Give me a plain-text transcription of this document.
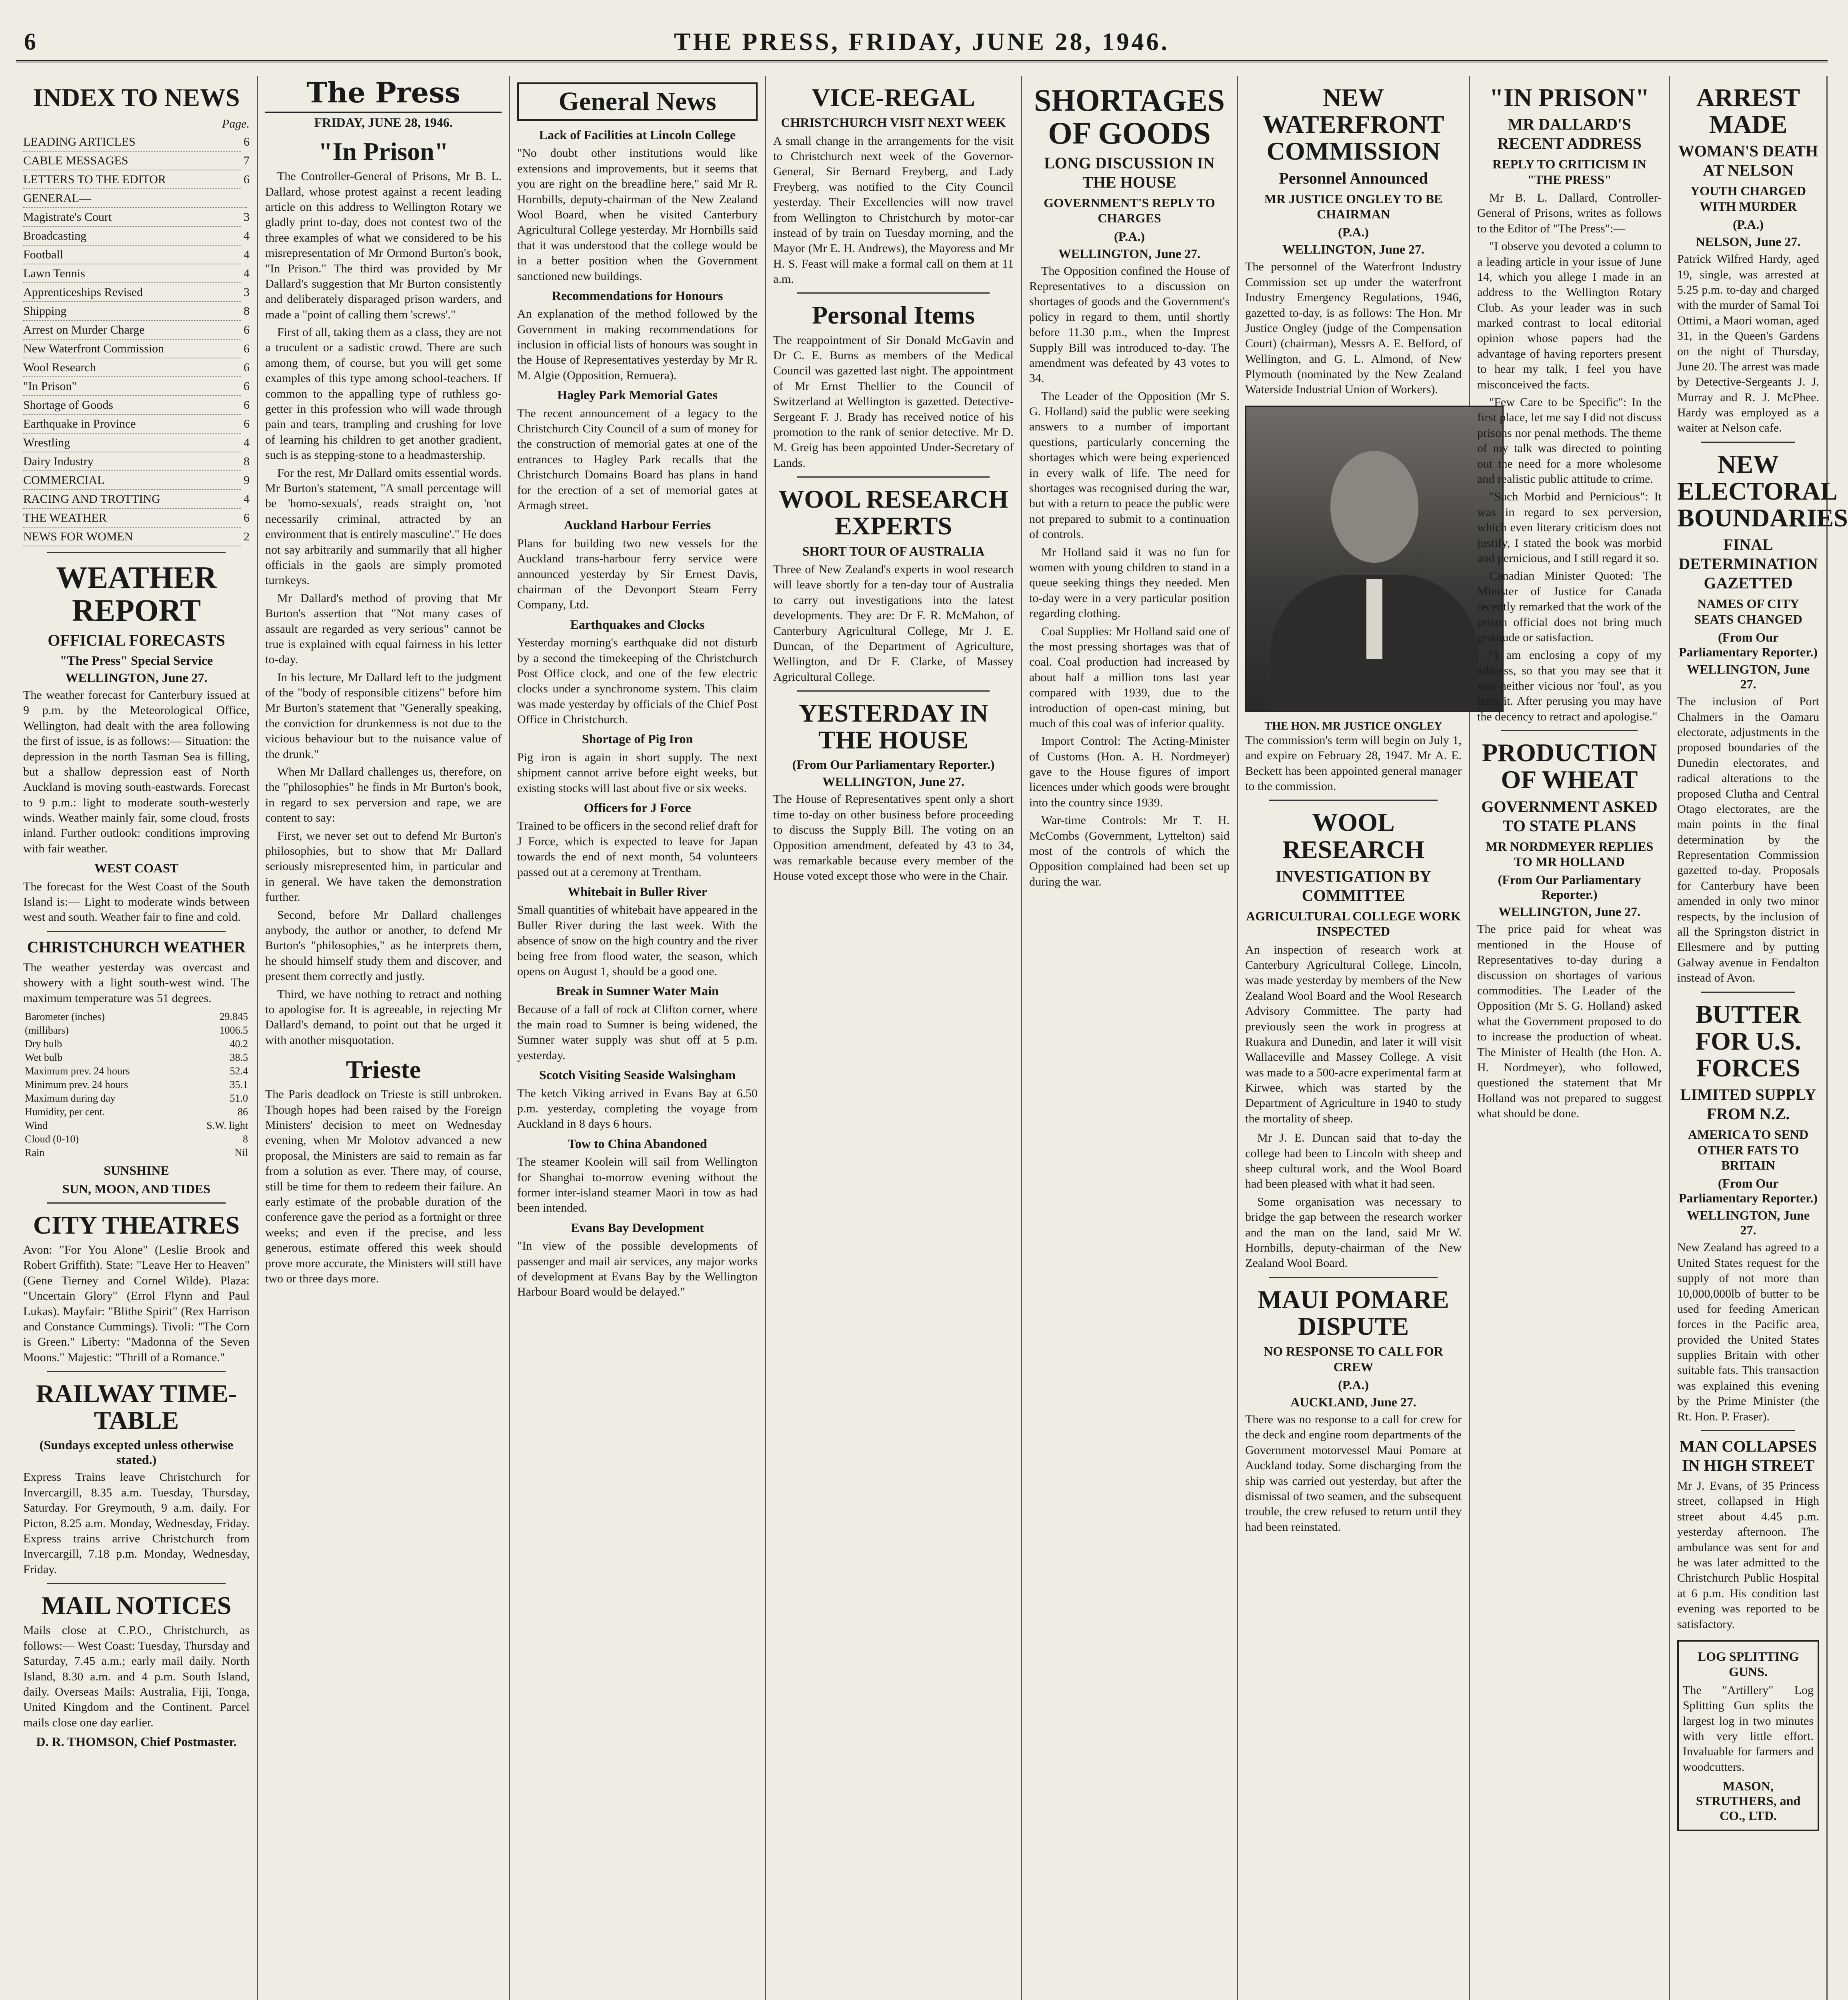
6	THE PRESS, FRIDAY, JUNE 28, 1946.
INDEX TO NEWS
Page.
LEADING ARTICLES	6
CABLE MESSAGES	7
LETTERS TO THE EDITOR	6
GENERAL—
Magistrate's Court	3
Broadcasting	4
Football	4
Lawn Tennis	4
Apprenticeships Revised	3
Shipping	8
Arrest on Murder Charge	6
New Waterfront Commission	6
Wool Research	6
"In Prison"	6
Shortage of Goods	6
Earthquake in Province	6
Wrestling	4
Dairy Industry	8
COMMERCIAL	9
RACING AND TROTTING	4
THE WEATHER	6
NEWS FOR WOMEN	2
WEATHER REPORT
OFFICIAL FORECASTS
"The Press" Special Service
WELLINGTON, June 27.
The weather forecast for Canterbury issued at 9 p.m. by the Meteorological Office, Wellington, had dealt with the area following the first of issue, is as follows:— Situation: the depression in the north Tasman Sea is filling, but a shallow depression east of North Auckland is moving south-eastwards. Forecast to 9 p.m.: light to moderate south-westerly winds. Weather mainly fair, some cloud, frosts inland. Further outlook: conditions improving with fair weather.
WEST COAST
The forecast for the West Coast of the South Island is:— Light to moderate winds between west and south. Weather fair to fine and cold.
CHRISTCHURCH WEATHER
The weather yesterday was overcast and showery with a light south-west wind. The maximum temperature was 51 degrees.
Barometer (inches)	29.845
(millibars)	1006.5
Dry bulb	40.2
Wet bulb	38.5
Maximum prev. 24 hours	52.4
Minimum prev. 24 hours	35.1
Maximum during day	51.0
Humidity, per cent.	86
Wind	S.W. light
Cloud (0-10)	8
Rain	Nil
SUNSHINE
SUN, MOON, AND TIDES
CITY THEATRES
Avon: "For You Alone" (Leslie Brook and Robert Griffith). State: "Leave Her to Heaven" (Gene Tierney and Cornel Wilde). Plaza: "Uncertain Glory" (Errol Flynn and Paul Lukas). Mayfair: "Blithe Spirit" (Rex Harrison and Constance Cummings). Tivoli: "The Corn is Green." Liberty: "Madonna of the Seven Moons." Majestic: "Thrill of a Romance."
RAILWAY TIME-TABLE
(Sundays excepted unless otherwise stated.)
Express Trains leave Christchurch for Invercargill, 8.35 a.m. Tuesday, Thursday, Saturday. For Greymouth, 9 a.m. daily. For Picton, 8.25 a.m. Monday, Wednesday, Friday. Express trains arrive Christchurch from Invercargill, 7.18 p.m. Monday, Wednesday, Friday.
MAIL NOTICES
Mails close at C.P.O., Christchurch, as follows:— West Coast: Tuesday, Thursday and Saturday, 7.45 a.m.; early mail daily. North Island, 8.30 a.m. and 4 p.m. South Island, daily. Overseas Mails: Australia, Fiji, Tonga, United Kingdom and the Continent. Parcel mails close one day earlier.
D. R. THOMSON, Chief Postmaster.
The Press
FRIDAY, JUNE 28, 1946.
"In Prison"

The Controller-General of Prisons, Mr B. L. Dallard, whose protest against a recent leading article on this address to Wellington Rotary we gladly print to-day, does not contest two of the three examples of what we considered to be his misrepresentation of Mr Ormond Burton's book, "In Prison." The third was provided by Mr Dallard's suggestion that Mr Burton consistently and deliberately disparaged prison warders, and made a "point of calling them 'screws'."

First of all, taking them as a class, they are not a truculent or a sadistic crowd. There are such among them, of course, but you will get some examples of this type among school-teachers. If common to the appalling type of ruthless go-getter in this profession who will wade through pain and tears, trampling and crushing for love of learning his children to get another gradient, such is as stepping-stone to a headmastership.

For the rest, Mr Dallard omits essential words. Mr Burton's statement, "A small percentage will be 'homo-sexuals', reads straight on, 'not necessarily criminal, attracted by an environment that is entirely masculine'." He does not say arbitrarily and summarily that all higher officials in the gaols are simply promoted turnkeys.

Mr Dallard's method of proving that Mr Burton's assertion that "Not many cases of assault are regarded as very serious" cannot be true is explained with equal fairness in his letter to-day.

In his lecture, Mr Dallard left to the judgment of the "body of responsible citizens" before him Mr Burton's statement that "Generally speaking, the conviction for drunkenness is not due to the vicious behaviour but to the nuisance value of the drunk."

When Mr Dallard challenges us, therefore, on the "philosophies" he finds in Mr Burton's book, in regard to sex perversion and rape, we are content to say:

First, we never set out to defend Mr Burton's philosophies, but to show that Mr Dallard seriously misrepresented him, in particular and in general. We have taken the demonstration further.

Second, before Mr Dallard challenges anybody, the author or another, to defend Mr Burton's "philosophies," as he interprets them, he should himself study them and discover, and present them correctly and justly.

Third, we have nothing to retract and nothing to apologise for. It is agreeable, in rejecting Mr Dallard's demand, to point out that he urged it with another misquotation.

Trieste
The Paris deadlock on Trieste is still unbroken. Though hopes had been raised by the Foreign Ministers' decision to meet on Wednesday evening, when Mr Molotov advanced a new proposal, the Ministers are said to remain as far from a solution as ever. There may, of course, still be time for them to redeem their failure. An early estimate of the probable duration of the conference gave the period as a fortnight or three weeks; and even if the precise, and less generous, estimate offered this week should prove more accurate, the Ministers will still have two or three days more.
General News
Lack of Facilities at Lincoln College
"No doubt other institutions would like extensions and improvements, but it seems that you are right on the breadline here," said Mr R. Hornbills, deputy-chairman of the New Zealand Wool Board, when he visited Canterbury Agricultural College yesterday. Mr Hornbills said that it was understood that the college would be in a better position when the Government sanctioned new buildings.
Recommendations for Honours
An explanation of the method followed by the Government in making recommendations for inclusion in official lists of honours was sought in the House of Representatives yesterday by Mr R. M. Algie (Opposition, Remuera).
Hagley Park Memorial Gates
The recent announcement of a legacy to the Christchurch City Council of a sum of money for the construction of memorial gates at one of the entrances to Hagley Park recalls that the Christchurch Domains Board has plans in hand for the erection of a set of memorial gates at Armagh street.
Auckland Harbour Ferries
Plans for building two new vessels for the Auckland trans-harbour ferry service were announced yesterday by Sir Ernest Davis, chairman of the Devonport Steam Ferry Company, Ltd.
Earthquakes and Clocks
Yesterday morning's earthquake did not disturb by a second the timekeeping of the Christchurch Post Office clock, and one of the few electric clocks under a synchronome system. This claim was made yesterday by officials of the Chief Post Office in Christchurch.
Shortage of Pig Iron
Pig iron is again in short supply. The next shipment cannot arrive before eight weeks, but existing stocks will last about five or six weeks.
Officers for J Force
Trained to be officers in the second relief draft for J Force, which is expected to leave for Japan towards the end of next month, 54 volunteers passed out at a ceremony at Trentham.
Whitebait in Buller River
Small quantities of whitebait have appeared in the Buller River during the last week. With the absence of snow on the high country and the river being free from flood water, the season, which opens on August 1, should be a good one.
Break in Sumner Water Main
Because of a fall of rock at Clifton corner, where the main road to Sumner is being widened, the Sumner water supply was shut off at 5 p.m. yesterday.
Scotch Visiting Seaside Walsingham
The ketch Viking arrived in Evans Bay at 6.50 p.m. yesterday, completing the voyage from Auckland in 8 days 6 hours.
Tow to China Abandoned
The steamer Koolein will sail from Wellington for Shanghai to-morrow evening without the former inter-island steamer Maori in tow as had been intended.
Evans Bay Development
"In view of the possible developments of passenger and mail air services, any major works of development at Evans Bay by the Wellington Harbour Board would be delayed."
VICE-REGAL
CHRISTCHURCH VISIT NEXT WEEK
A small change in the arrangements for the visit to Christchurch next week of the Governor-General, Sir Bernard Freyberg, and Lady Freyberg, was notified to the City Council yesterday. Their Excellencies will now travel from Wellington to Christchurch by motor-car instead of by train on Tuesday morning, and the Mayor (Mr E. H. Andrews), the Mayoress and Mr H. S. Feast will make a formal call on them at 11 a.m.
Personal Items
The reappointment of Sir Donald McGavin and Dr C. E. Burns as members of the Medical Council was gazetted last night. The appointment of Mr Ernst Thellier to the Council of Switzerland at Wellington is gazetted. Detective-Sergeant F. J. Brady has received notice of his promotion to the rank of senior detective. Mr D. M. Greig has been appointed Under-Secretary of Lands.
WOOL RESEARCH EXPERTS
SHORT TOUR OF AUSTRALIA
Three of New Zealand's experts in wool research will leave shortly for a ten-day tour of Australia to carry out investigations into the latest developments. They are: Dr F. R. McMahon, of Canterbury Agricultural College, Mr J. E. Duncan, of the Department of Agriculture, Wellington, and Dr F. Clarke, of Massey Agricultural College.
YESTERDAY IN THE HOUSE
(From Our Parliamentary Reporter.)
WELLINGTON, June 27.
The House of Representatives spent only a short time to-day on other business before proceeding to discuss the Supply Bill. The voting on an Opposition amendment, defeated by 43 to 34, was remarkable because every member of the House voted except those who were in the Chair.
SHORTAGES OF GOODS
LONG DISCUSSION IN THE HOUSE
GOVERNMENT'S REPLY TO CHARGES
(P.A.)
WELLINGTON, June 27.

The Opposition confined the House of Representatives to a discussion on shortages of goods and the Government's policy in regard to them, until shortly before 11.30 p.m., when the Imprest Supply Bill was introduced to-day. The amendment was defeated by 43 votes to 34.

The Leader of the Opposition (Mr S. G. Holland) said the public were seeking answers to a number of important questions, particularly concerning the shortages which were being experienced in every walk of life. The need for shortages was recognised during the war, but with a return to peace the public were not prepared to submit to a continuation of controls.

Mr Holland said it was no fun for women with young children to stand in a queue seeking things they needed. Men to-day were in a very particular position regarding clothing.

Coal Supplies: Mr Holland said one of the most pressing shortages was that of coal. Coal production had increased by about half a million tons last year compared with 1939, due to the introduction of open-cast mining, but much of this coal was of inferior quality.

Import Control: The Acting-Minister of Customs (Hon. A. H. Nordmeyer) gave to the House figures of import licences under which goods were brought into the country since 1939.

War-time Controls: Mr T. H. McCombs (Government, Lyttelton) said most of the controls of which the Opposition complained had been set up during the war.

NEW WATERFRONT COMMISSION
Personnel Announced
MR JUSTICE ONGLEY TO BE CHAIRMAN
(P.A.)
WELLINGTON, June 27.
The personnel of the Waterfront Industry Commission set up under the waterfront Industry Emergency Regulations, 1946, gazetted to-day, is as follows: The Hon. Mr Justice Ongley (judge of the Compensation Court) (chairman), Messrs A. E. Belford, of Wellington, and G. L. Almond, of New Plymouth (nominated by the New Zealand Waterside Industrial Union of Workers).
THE HON. MR JUSTICE ONGLEY
The commission's term will begin on July 1, and expire on February 28, 1947. Mr A. E. Beckett has been appointed general manager to the commission.
WOOL RESEARCH
INVESTIGATION BY COMMITTEE
AGRICULTURAL COLLEGE WORK INSPECTED
An inspection of research work at Canterbury Agricultural College, Lincoln, was made yesterday by members of the New Zealand Wool Board and the Wool Research Advisory Committee. The party had previously seen the work in progress at Ruakura and Dunedin, and later it will visit Wallaceville and Massey College. A visit was made to a 500-acre experimental farm at Kirwee, which was started by the Department of Agriculture in 1940 to study the mortality of sheep.

Mr J. E. Duncan said that to-day the college had been to Lincoln with sheep and sheep cultural work, and the Wool Board had been pleased with what it had seen.

Some organisation was necessary to bridge the gap between the research worker and the man on the land, said Mr W. Hornbills, deputy-chairman of the New Zealand Wool Board.

MAUI POMARE DISPUTE
NO RESPONSE TO CALL FOR CREW
(P.A.)
AUCKLAND, June 27.
There was no response to a call for crew for the deck and engine room departments of the Government motorvessel Maui Pomare at Auckland today. Some discharging from the ship was carried out yesterday, but after the dismissal of two seamen, and the subsequent trouble, the crew refused to return until they had been reinstated.
"IN PRISON"
MR DALLARD'S RECENT ADDRESS
REPLY TO CRITICISM IN "THE PRESS"

Mr B. L. Dallard, Controller-General of Prisons, writes as follows to the Editor of "The Press":—

"I observe you devoted a column to a leading article in your issue of June 14, which you allege I made in an address to the Wellington Rotary Club. As your leader was in such marked contrast to local editorial opinion whose papers had the advantage of having reporters present to hear my talk, I feel you have misconceived the facts.

"Few Care to be Specific": In the first place, let me say I did not discuss prisons nor penal methods. The theme of my talk was directed to pointing out the need for a more wholesome and realistic public attitude to crime.

"Such Morbid and Pernicious": It was in regard to sex perversion, which even literary criticism does not justify, I stated the book was morbid and pernicious, and I still regard it so.

Canadian Minister Quoted: The Minister of Justice for Canada recently remarked that the work of the prison official does not bring much gratitude or satisfaction.

"I am enclosing a copy of my address, so that you may see that it was neither vicious nor 'foul', as you term it. After perusing you may have the decency to retract and apologise."

PRODUCTION OF WHEAT
GOVERNMENT ASKED TO STATE PLANS
MR NORDMEYER REPLIES TO MR HOLLAND
(From Our Parliamentary Reporter.)
WELLINGTON, June 27.
The price paid for wheat was mentioned in the House of Representatives to-day during a discussion on shortages of various commodities. The Leader of the Opposition (Mr S. G. Holland) asked what the Government proposed to do to increase the production of wheat. The Minister of Health (the Hon. A. H. Nordmeyer), who followed, questioned the statement that Mr Holland was not prepared to suggest what should be done.
ARREST MADE
WOMAN'S DEATH AT NELSON
YOUTH CHARGED WITH MURDER
(P.A.)
NELSON, June 27.
Patrick Wilfred Hardy, aged 19, single, was arrested at 5.25 p.m. to-day and charged with the murder of Samal Toi Ottimi, a Maori woman, aged 31, in the Queen's Gardens on the night of Thursday, June 20. The arrest was made by Detective-Sergeants J. J. Murray and R. J. McPhee. Hardy was employed as a waiter at Nelson cafe.
NEW ELECTORAL BOUNDARIES
FINAL DETERMINATION GAZETTED
NAMES OF CITY SEATS CHANGED
(From Our Parliamentary Reporter.)
WELLINGTON, June 27.
The inclusion of Port Chalmers in the Oamaru electorate, adjustments in the proposed boundaries of the Dunedin electorates, and radical alterations to the proposed Clutha and Central Otago electorates, are the main points in the final determination by the Representation Commission gazetted to-day. Proposals for Canterbury have been amended in only two minor respects, by the inclusion of all the Springston district in Ellesmere and by putting Galway avenue in Fendalton instead of Avon.
BUTTER FOR U.S. FORCES
LIMITED SUPPLY FROM N.Z.
AMERICA TO SEND OTHER FATS TO BRITAIN
(From Our Parliamentary Reporter.)
WELLINGTON, June 27.
New Zealand has agreed to a United States request for the supply of not more than 10,000,000lb of butter to be used for feeding American forces in the Pacific area, provided the United States supplies Britain with other suitable fats. This transaction was explained this evening by the Prime Minister (the Rt. Hon. P. Fraser).
MAN COLLAPSES IN HIGH STREET
Mr J. Evans, of 35 Princess street, collapsed in High street about 4.45 p.m. yesterday afternoon. The ambulance was sent for and he was later admitted to the Christchurch Public Hospital at 6 p.m. His condition last evening was reported to be satisfactory.
LOG SPLITTING GUNS.
The "Artillery" Log Splitting Gun splits the largest log in two minutes with very little effort. Invaluable for farmers and woodcutters.
MASON, STRUTHERS, and CO., LTD.
